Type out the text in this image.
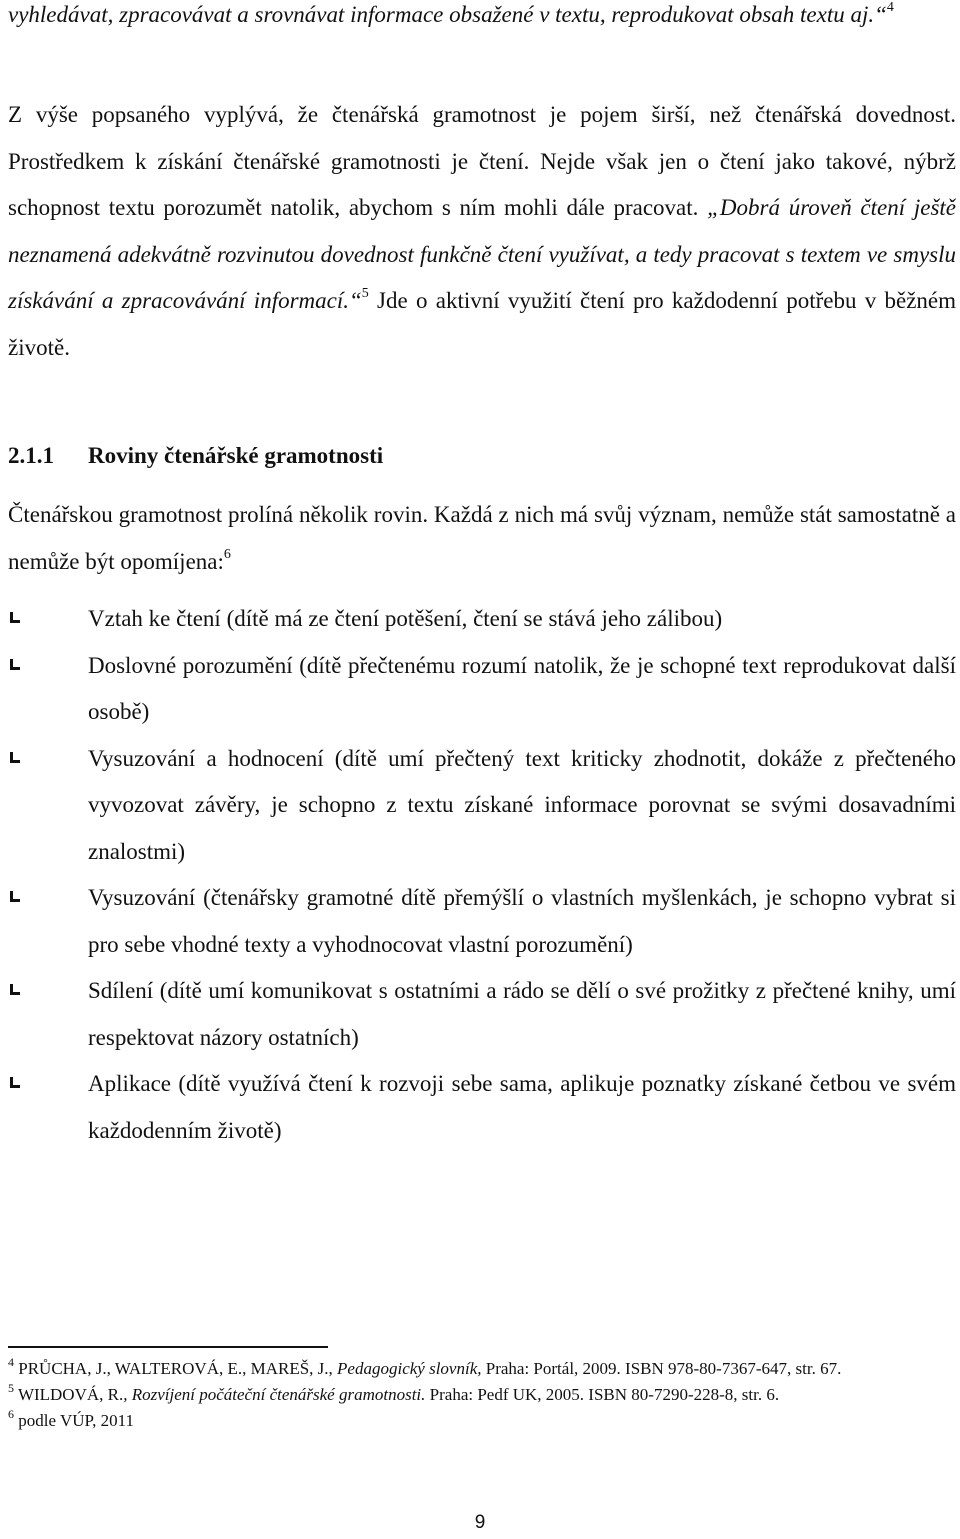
vyhledávat, zpracovávat a srovnávat informace obsažené v textu, reprodukovat obsah textu aj.“$^4$

Z výše popsaného vyplývá, že čtenářská gramotnost je pojem širší, než čtenářská dovednost. Prostředkem k získání čtenářské gramotnosti je čtení. Nejde však jen o čtení jako takové, nýbrž schopnost textu porozumět natolik, abychom s ním mohli dále pracovat. „Dobrá úroveň čtení ještě neznamená adekvátně rozvinutou dovednost funkčně čtení využívat, a tedy pracovat s textem ve smyslu získávání a zpracovávání informací.“$^5$ Jde o aktivní využití čtení pro každodenní potřebu v běžném životě.

2.1.1 Roviny čtenářské gramotnosti

Čtenářskou gramotnost prolíná několik rovin. Každá z nich má svůj význam, nemůže stát samostatně a nemůže být opomíjena:$^6$

Vztah ke čtení (dítě má ze čtení potěšení, čtení se stává jeho zálibou)
Doslovné porozumění (dítě přečtenému rozumí natolik, že je schopné text reprodukovat další osobě)
Vysuzování a hodnocení (dítě umí přečtený text kriticky zhodnotit, dokáže z přečteného vyvozovat závěry, je schopno z textu získané informace porovnat se svými dosavadními znalostmi)
Vysuzování (čtenářsky gramotné dítě přemýšlí o vlastních myšlenkách, je schopno vybrat si pro sebe vhodné texty a vyhodnocovat vlastní porozumění)
Sdílení (dítě umí komunikovat s ostatními a rádo se dělí o své prožitky z přečtené knihy, umí respektovat názory ostatních)
Aplikace (dítě využívá čtení k rozvoji sebe sama, aplikuje poznatky získané četbou ve svém každodenním životě)

$^4$ PRŮCHA, J., WALTEROVÁ, E., MAREŠ, J., Pedagogický slovník, Praha: Portál, 2009. ISBN 978-80-7367-647, str. 67.

$^5$ WILDOVÁ, R., Rozvíjení počáteční čtenářské gramotnosti. Praha: Pedf UK, 2005. ISBN 80-7290-228-8, str. 6.

$^6$ podle VÚP, 2011

9
